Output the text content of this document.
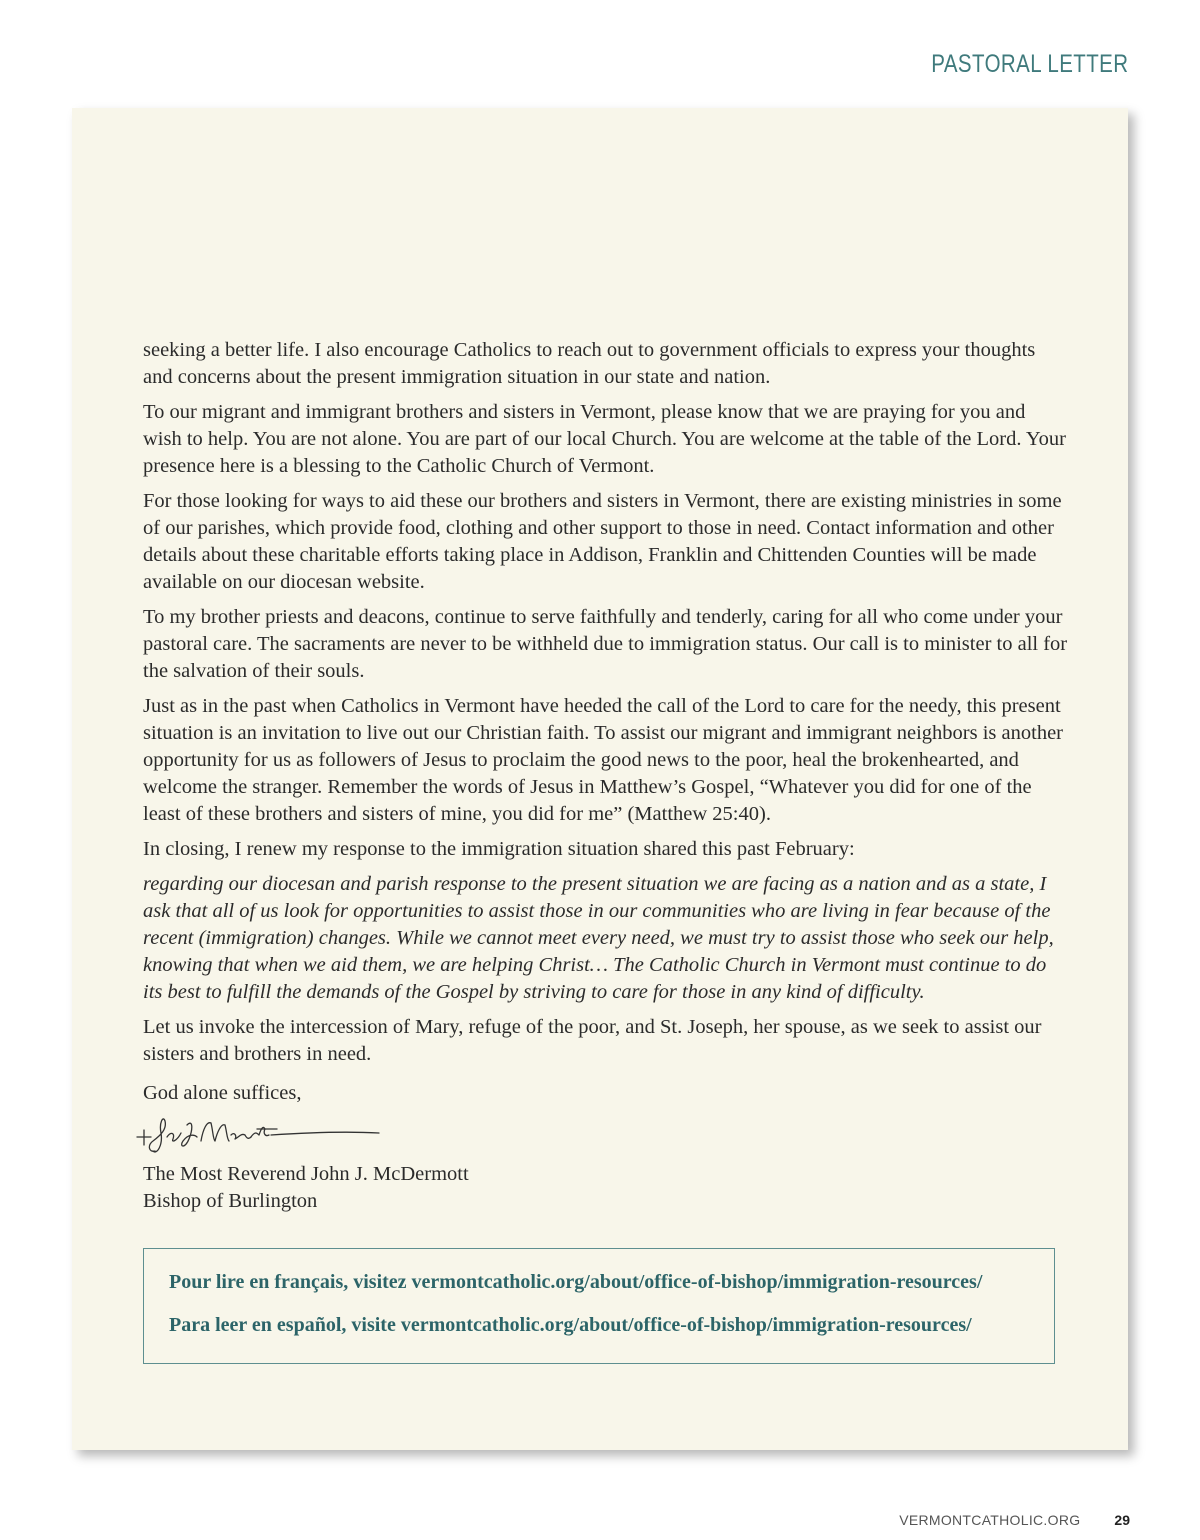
PASTORAL LETTER

seeking a better life. I also encourage Catholics to reach out to government officials to express your thoughts and concerns about the present immigration situation in our state and nation.

To our migrant and immigrant brothers and sisters in Vermont, please know that we are praying for you and wish to help. You are not alone. You are part of our local Church. You are welcome at the table of the Lord. Your presence here is a blessing to the Catholic Church of Vermont.

For those looking for ways to aid these our brothers and sisters in Vermont, there are existing ministries in some of our parishes, which provide food, clothing and other support to those in need. Contact information and other details about these charitable efforts taking place in Addison, Franklin and Chittenden Counties will be made available on our diocesan website.

To my brother priests and deacons, continue to serve faithfully and tenderly, caring for all who come under your pastoral care. The sacraments are never to be withheld due to immigration status. Our call is to minister to all for the salvation of their souls.

Just as in the past when Catholics in Vermont have heeded the call of the Lord to care for the needy, this present situation is an invitation to live out our Christian faith. To assist our migrant and immigrant neighbors is another opportunity for us as followers of Jesus to proclaim the good news to the poor, heal the brokenhearted, and welcome the stranger. Remember the words of Jesus in Matthew’s Gospel, “Whatever you did for one of the least of these brothers and sisters of mine, you did for me” (Matthew 25:40).

In closing, I renew my response to the immigration situation shared this past February:

regarding our diocesan and parish response to the present situation we are facing as a nation and as a state, I ask that all of us look for opportunities to assist those in our communities who are living in fear because of the recent (immigration) changes. While we cannot meet every need, we must try to assist those who seek our help, knowing that when we aid them, we are helping Christ… The Catholic Church in Vermont must continue to do its best to fulfill the demands of the Gospel by striving to care for those in any kind of difficulty.

Let us invoke the intercession of Mary, refuge of the poor, and St. Joseph, her spouse, as we seek to assist our sisters and brothers in need.

God alone suffices,

The Most Reverend John J. McDermott
Bishop of Burlington

Pour lire en français, visitez vermontcatholic.org/about/office-of-bishop/immigration-resources/

Para leer en español, visite vermontcatholic.org/about/office-of-bishop/immigration-resources/

VERMONTCATHOLIC.ORG 29
